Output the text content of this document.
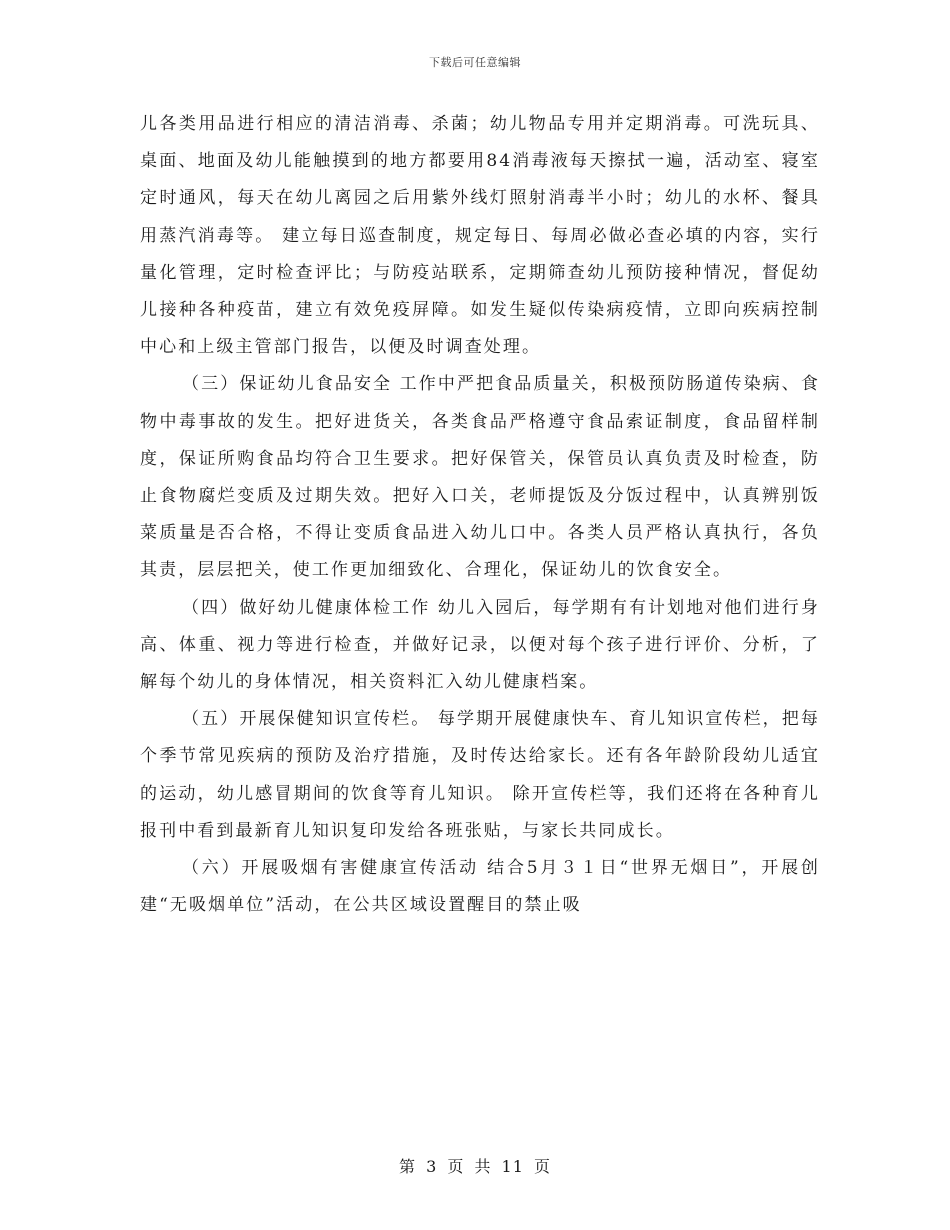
下载后可任意编辑

儿各类用品进行相应的清洁消毒、杀菌；幼儿物品专用并定期消毒。可洗玩具、桌面、地面及幼儿能触摸到的地方都要用84消毒液每天擦拭一遍，活动室、寝室定时通风，每天在幼儿离园之后用紫外线灯照射消毒半小时；幼儿的水杯、餐具用蒸汽消毒等。 建立每日巡查制度，规定每日、每周必做必查必填的内容，实行量化管理，定时检查评比；与防疫站联系，定期筛查幼儿预防接种情况，督促幼儿接种各种疫苗，建立有效免疫屏障。如发生疑似传染病疫情，立即向疾病控制中心和上级主管部门报告，以便及时调查处理。

（三）保证幼儿食品安全 工作中严把食品质量关，积极预防肠道传染病、食物中毒事故的发生。把好进货关，各类食品严格遵守食品索证制度，食品留样制度，保证所购食品均符合卫生要求。把好保管关，保管员认真负责及时检查，防止食物腐烂变质及过期失效。把好入口关，老师提饭及分饭过程中，认真辨别饭菜质量是否合格，不得让变质食品进入幼儿口中。各类人员严格认真执行，各负其责，层层把关，使工作更加细致化、合理化，保证幼儿的饮食安全。

（四）做好幼儿健康体检工作 幼儿入园后，每学期有有计划地对他们进行身高、体重、视力等进行检查，并做好记录，以便对每个孩子进行评价、分析，了解每个幼儿的身体情况，相关资料汇入幼儿健康档案。

（五）开展保健知识宣传栏。 每学期开展健康快车、育儿知识宣传栏，把每个季节常见疾病的预防及治疗措施，及时传达给家长。还有各年龄阶段幼儿适宜的运动，幼儿感冒期间的饮食等育儿知识。 除开宣传栏等，我们还将在各种育儿报刊中看到最新育儿知识复印发给各班张贴，与家长共同成长。

（六）开展吸烟有害健康宣传活动 结合5月３１日“世界无烟日”，开展创建“无吸烟单位”活动，在公共区域设置醒目的禁止吸

第 3 页 共 11 页
